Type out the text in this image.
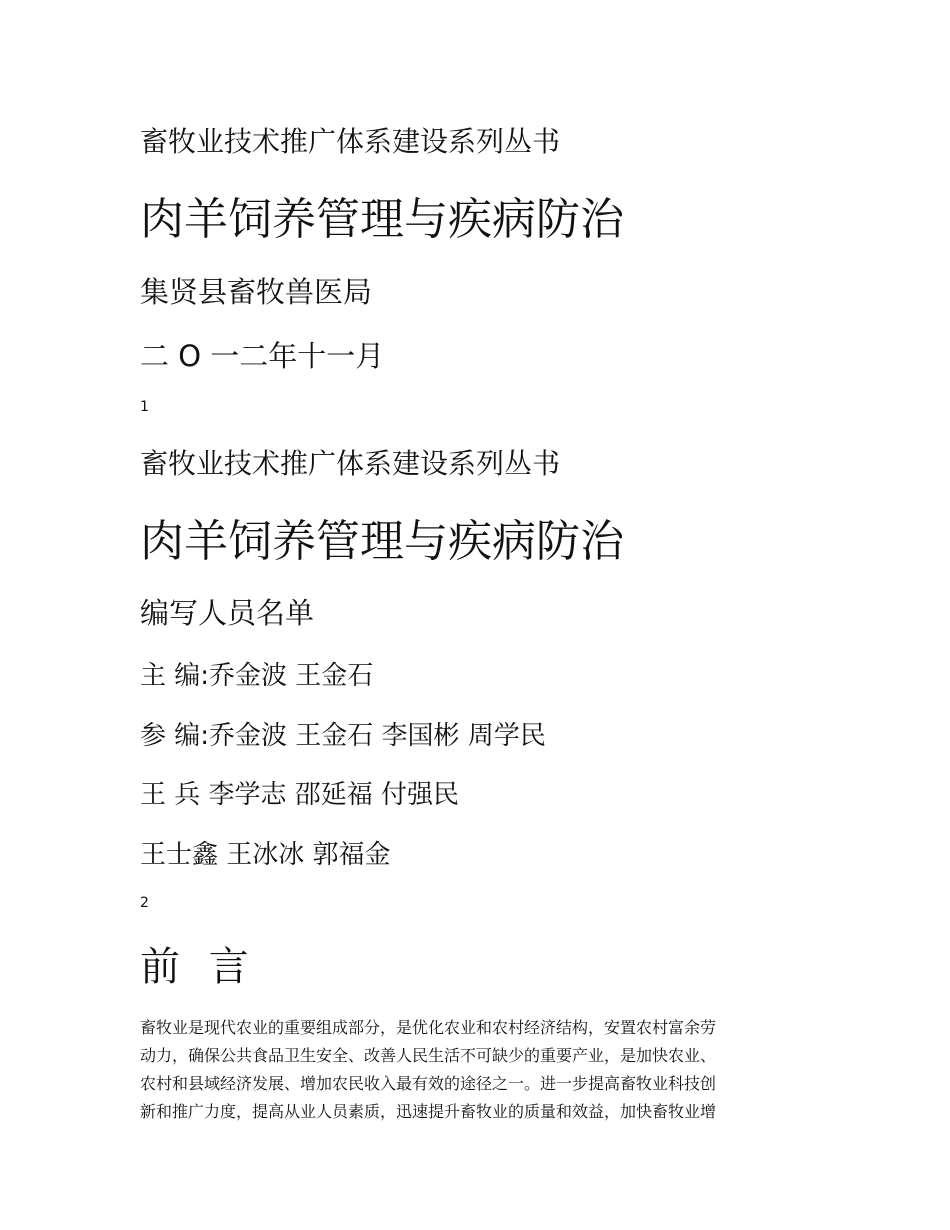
畜牧业技术推广体系建设系列丛书
肉羊饲养管理与疾病防治
集贤县畜牧兽医局
二 O 一二年十一月
1
畜牧业技术推广体系建设系列丛书
肉羊饲养管理与疾病防治
编写人员名单
主 编:乔金波 王金石
参 编:乔金波 王金石 李国彬 周学民
王 兵 李学志 邵延福 付强民
王士鑫 王冰冰 郭福金
2
前 言
畜牧业是现代农业的重要组成部分，是优化农业和农村经济结构，安置农村富余劳
动力，确保公共食品卫生安全、改善人民生活不可缺少的重要产业，是加快农业、
农村和县域经济发展、增加农民收入最有效的途径之一。进一步提高畜牧业科技创
新和推广力度，提高从业人员素质，迅速提升畜牧业的质量和效益，加快畜牧业增
